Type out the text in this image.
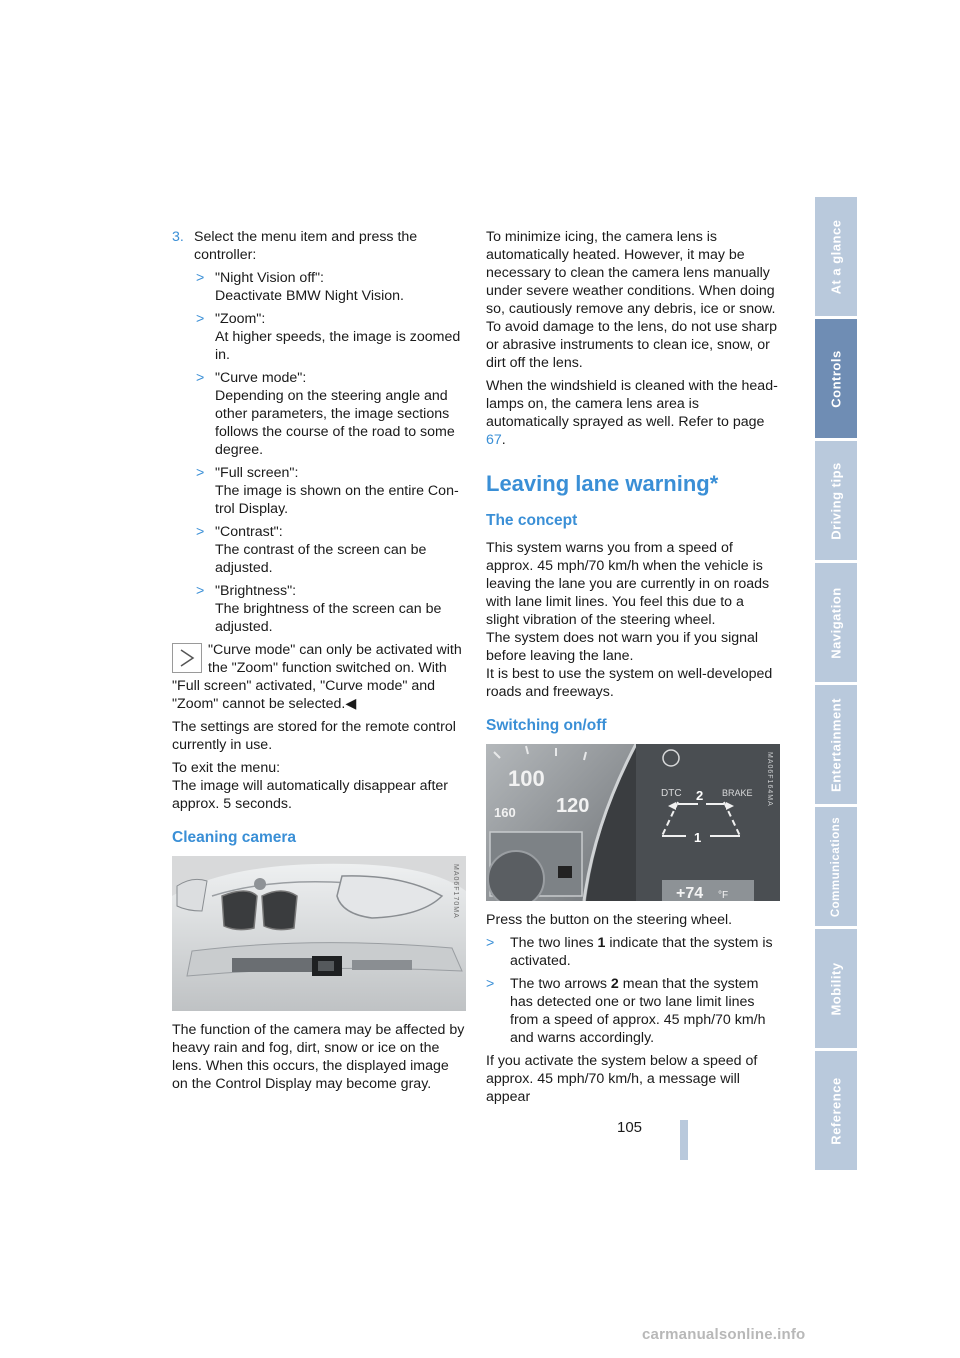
3. Select the menu item and press the controller:
> "Night Vision off":
Deactivate BMW Night Vision.
> "Zoom":
At higher speeds, the image is zoomed in.
> "Curve mode":
Depending on the steering angle and other parameters, the image sections follows the course of the road to some degree.
> "Full screen":
The image is shown on the entire Control Display.
> "Contrast":
The contrast of the screen can be adjusted.
> "Brightness":
The brightness of the screen can be adjusted.
"Curve mode" can only be activated with
the "Zoom" function switched on. With
"Full screen" activated, "Curve mode" and "Zoom" cannot be selected.◀

The settings are stored for the remote control currently in use.

To exit the menu:

The image will automatically disappear after approx. 5 seconds.

Cleaning camera
MA06F170MA

The function of the camera may be affected by heavy rain and fog, dirt, snow or ice on the lens. When this occurs, the displayed image on the Control Display may become gray.

To minimize icing, the camera lens is automatically heated. However, it may be necessary to clean the camera lens manually under severe weather conditions. When doing so, cautiously remove any debris, ice or snow. To avoid damage to the lens, do not use sharp or abrasive instruments to clean ice, snow, or dirt off the lens.

When the windshield is cleaned with the headlamps on, the camera lens area is automatically sprayed as well. Refer to page 67.

Leaving lane warning*
The concept

This system warns you from a speed of approx. 45 mph/70 km/h when the vehicle is leaving the lane you are currently in on roads with lane limit lines. You feel this due to a slight vibration of the steering wheel.

The system does not warn you if you signal before leaving the lane.

It is best to use the system on well-developed roads and freeways.

Switching on/off
100
160 120
DTC	BRAKE
2
1
+74 °F
MA06F164MA

Press the button on the steering wheel.

> The two lines 1 indicate that the system is activated.
> The two arrows 2 mean that the system has detected one or two lane limit lines from a speed of approx. 45 mph/70 km/h and warns accordingly.

If you activate the system below a speed of approx. 45 mph/70 km/h, a message will appear

At a glance
Controls
Driving tips
Navigation
Entertainment
Communications
Mobility
Reference
105
carmanualsonline.info
